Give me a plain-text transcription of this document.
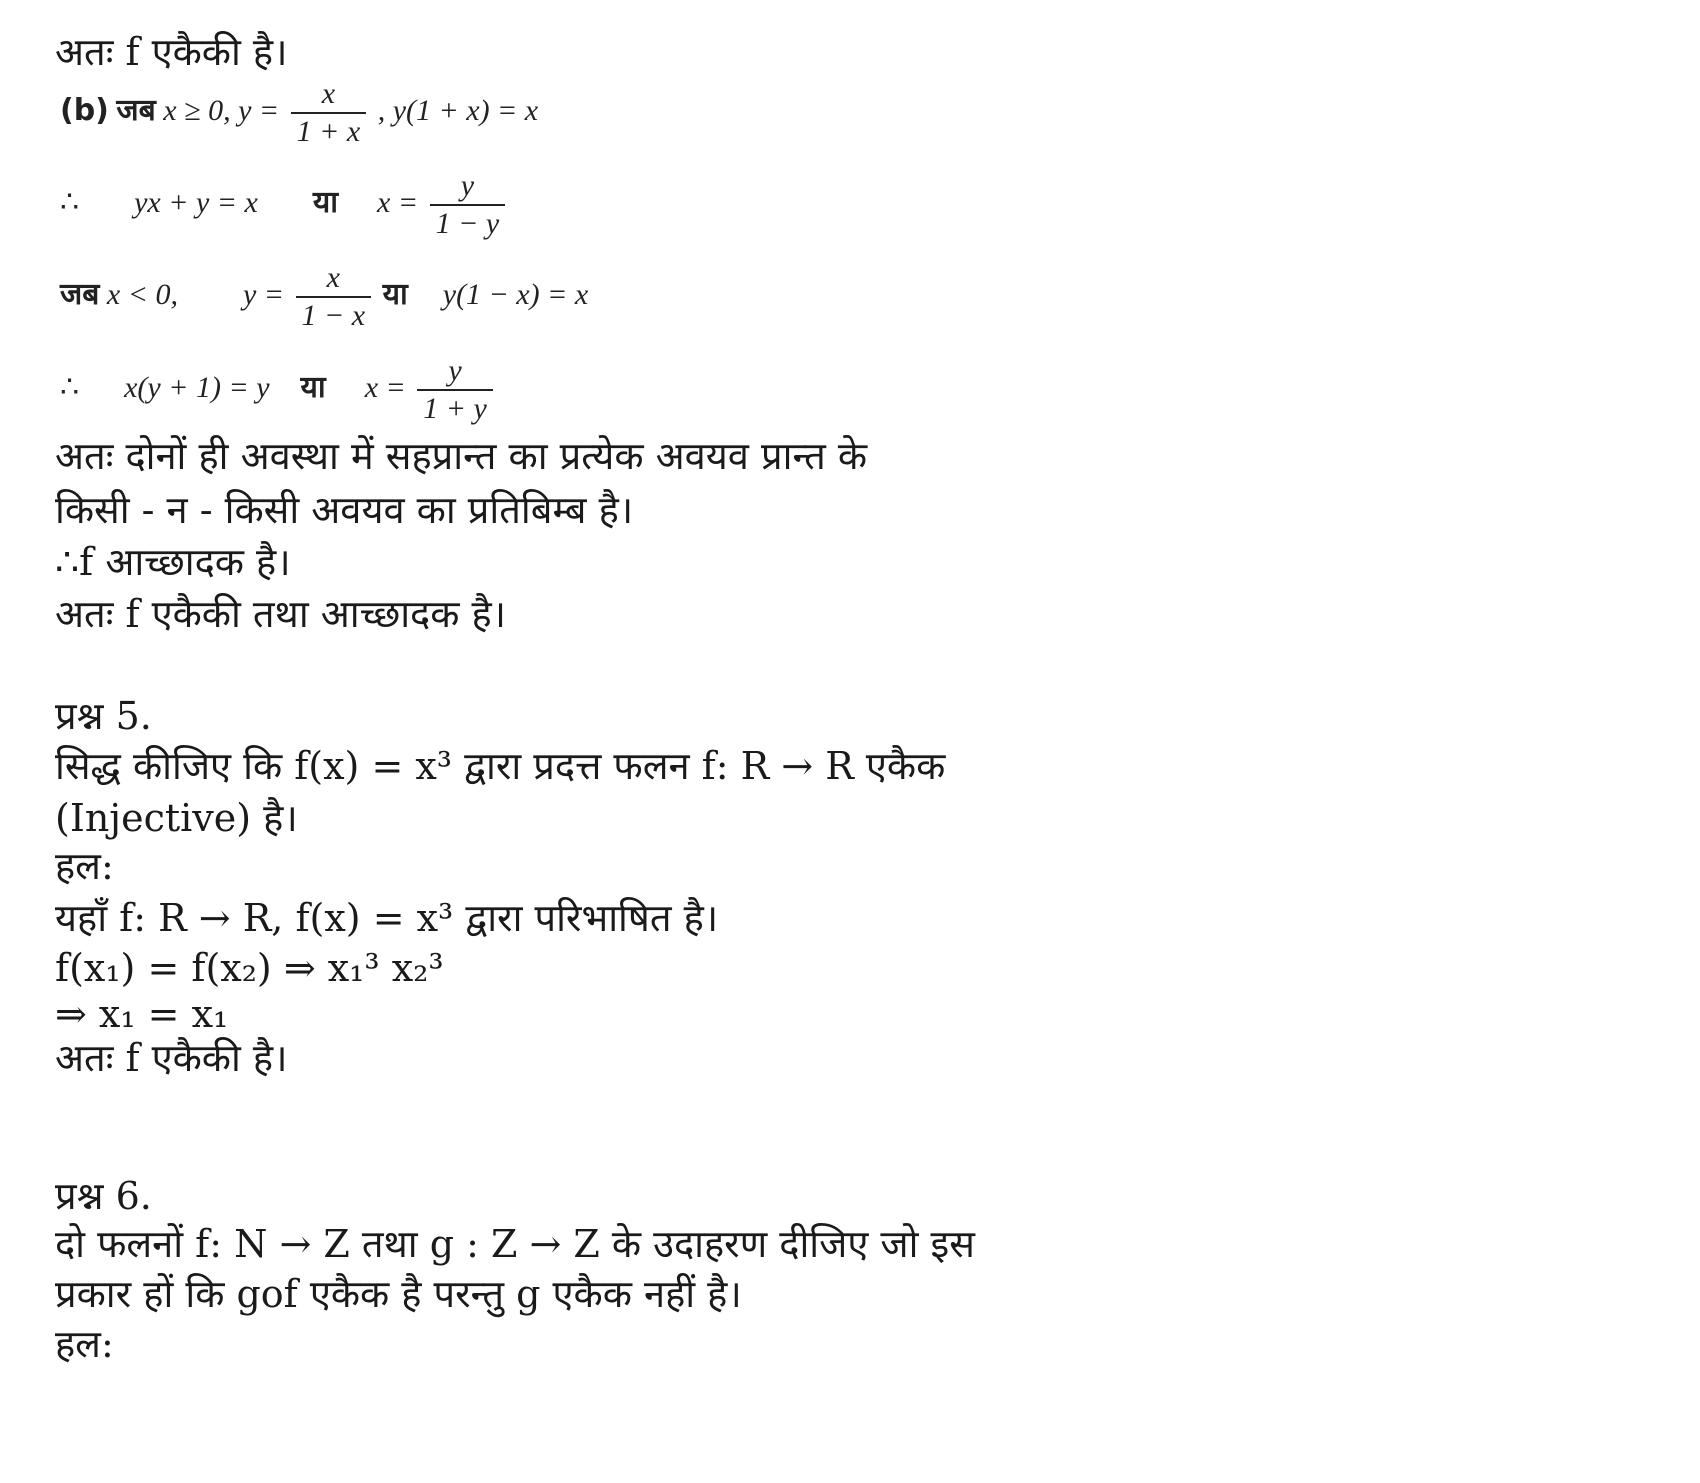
अतः f एकैकी है।
(b) जब x ≥ 0, $y = \frac{x}{1 + x}$ , y(1 + x) = x
∴ yx + y = x या $x = \frac{y}{1 - y}$
जब x < 0, $y = \frac{x}{1 - x}$ या y(1 − x) = x
∴ x(y + 1) = y या $x = \frac{y}{1 + y}$
अतः दोनों ही अवस्था में सहप्रान्त का प्रत्येक अवयव प्रान्त के
किसी - न - किसी अवयव का प्रतिबिम्ब है।
∴f आच्छादक है।
अतः f एकैकी तथा आच्छादक है।
प्रश्न 5.
सिद्ध कीजिए कि f(x) = x³ द्वारा प्रदत्त फलन f: R → R एकैक
(Injective) है।
हल:
यहाँ f: R → R, f(x) = x³ द्वारा परिभाषित है।
f(x₁) = f(x₂) ⇒ x₁³ x₂³
⇒ x₁ = x₁
अतः f एकैकी है।
प्रश्न 6.
दो फलनों f: N → Z तथा g : Z → Z के उदाहरण दीजिए जो इस
प्रकार हों कि gof एकैक है परन्तु g एकैक नहीं है।
हल:
